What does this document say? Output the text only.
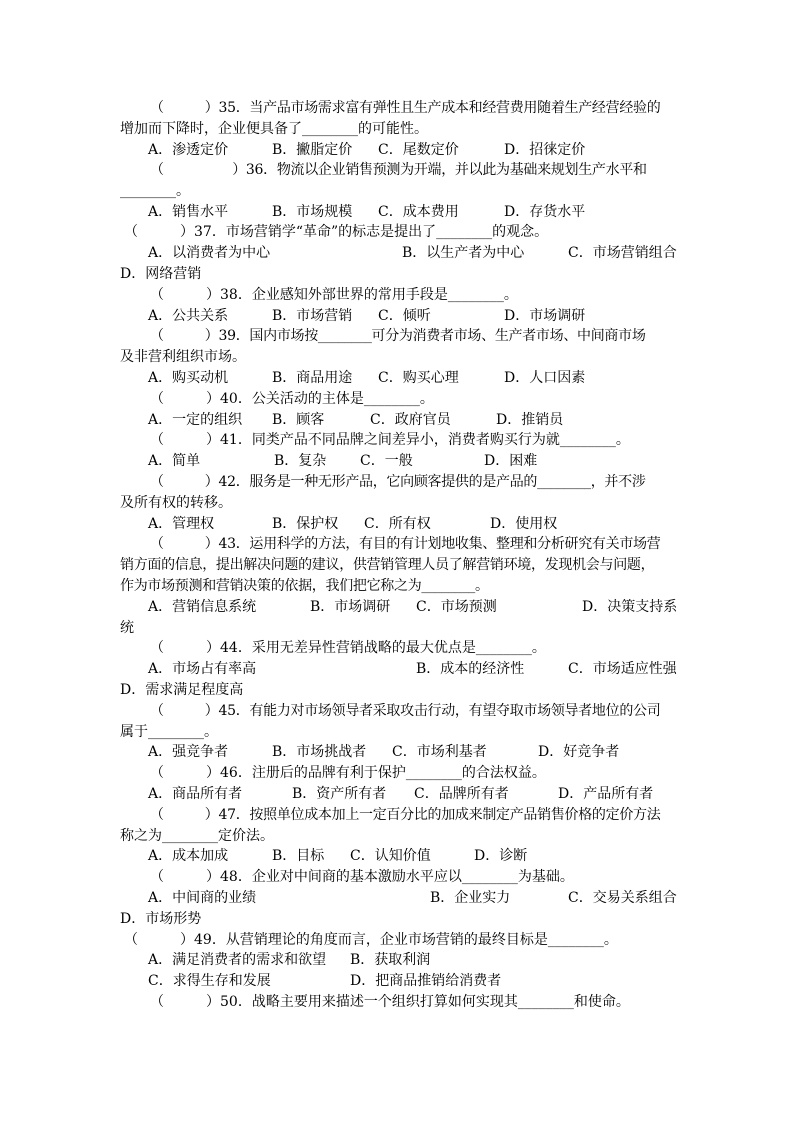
（　　　）35．当产品市场需求富有弹性且生产成本和经营费用随着生产经营经验的
增加而下降时，企业便具备了________的可能性。
A．渗透定价	B．撇脂定价 C．尾数定价	D．招徕定价
（　　　　　）36．物流以企业销售预测为开端，并以此为基础来规划生产水平和
________。
A．销售水平	B．市场规模 C．成本费用	D．存货水平
（　　　）37．市场营销学“革命”的标志是提出了________的观念。
A．以消费者为中心	B．以生产者为中心	C．市场营销组合
D．网络营销
（　　　）38．企业感知外部世界的常用手段是________。
A．公共关系	B．市场营销 C．倾听	D．市场调研
（　　　）39．国内市场按________可分为消费者市场、生产者市场、中间商市场
及非营利组织市场。
A．购买动机	B．商品用途 C．购买心理	D．人口因素
（　　　）40．公关活动的主体是________。
A．一定的组织 B．顾客	C．政府官员	D．推销员
（　　　）41．同类产品不同品牌之间差异小，消费者购买行为就________。
A．简单	B．复杂 C．一般	D．困难
（　　　）42．服务是一种无形产品，它向顾客提供的是产品的________，并不涉
及所有权的转移。
A．管理权	B．保护权 C．所有权	D．使用权
（　　　）43．运用科学的方法，有目的有计划地收集、整理和分析研究有关市场营
销方面的信息，提出解决问题的建议，供营销管理人员了解营销环境，发现机会与问题，
作为市场预测和营销决策的依据，我们把它称之为________。
A．营销信息系统	B．市场调研 C．市场预测	D．决策支持系
统
（　　　）44．采用无差异性营销战略的最大优点是________。
A．市场占有率高	B．成本的经济性	C．市场适应性强
D．需求满足程度高
（　　　）45．有能力对市场领导者采取攻击行动，有望夺取市场领导者地位的公司
属于________。
A．强竞争者	B．市场挑战者 C．市场利基者	D．好竞争者
（　　　）46．注册后的品牌有利于保护________的合法权益。
A．商品所有者	B．资产所有者 C．品牌所有者	D．产品所有者
（　　　）47．按照单位成本加上一定百分比的加成来制定产品销售价格的定价方法
称之为________定价法。
A．成本加成	B．目标 C．认知价值	D．诊断
（　　　）48．企业对中间商的基本激励水平应以________为基础。
A．中间商的业绩	B．企业实力	C．交易关系组合
D．市场形势
（　　　）49．从营销理论的角度而言，企业市场营销的最终目标是________。
A．满足消费者的需求和欲望 B．获取利润
C．求得生存和发展	D．把商品推销给消费者
（　　　）50．战略主要用来描述一个组织打算如何实现其________和使命。
